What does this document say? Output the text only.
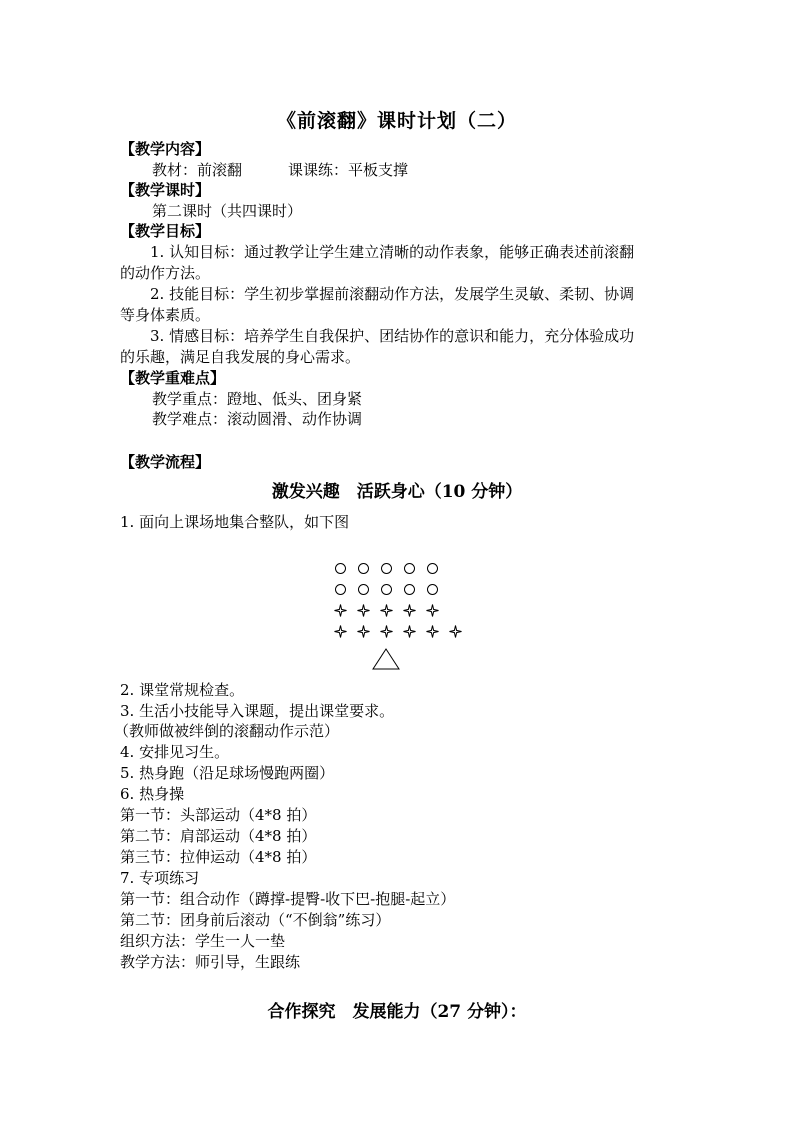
《前滚翻》课时计划（二）
【教学内容】
教材：前滚翻	课课练：平板支撑
【教学课时】
第二课时（共四课时）
【教学目标】
1. 认知目标：通过教学让学生建立清晰的动作表象，能够正确表述前滚翻
的动作方法。
2. 技能目标：学生初步掌握前滚翻动作方法，发展学生灵敏、柔韧、协调
等身体素质。
3. 情感目标：培养学生自我保护、团结协作的意识和能力，充分体验成功
的乐趣，满足自我发展的身心需求。
【教学重难点】
教学重点：蹬地、低头、团身紧
教学难点：滚动圆滑、动作协调
【教学流程】
激发兴趣　活跃身心（10 分钟）
1. 面向上课场地集合整队，如下图
2. 课堂常规检查。
3. 生活小技能导入课题，提出课堂要求。
（教师做被绊倒的滚翻动作示范）
4. 安排见习生。
5. 热身跑（沿足球场慢跑两圈）
6. 热身操
第一节：头部运动（4*8 拍）
第二节：肩部运动（4*8 拍）
第三节：拉伸运动（4*8 拍）
7. 专项练习
第一节：组合动作（蹲撑-提臀-收下巴-抱腿-起立）
第二节：团身前后滚动（“不倒翁”练习）
组织方法：学生一人一垫
教学方法：师引导，生跟练
合作探究　发展能力（27 分钟）：
